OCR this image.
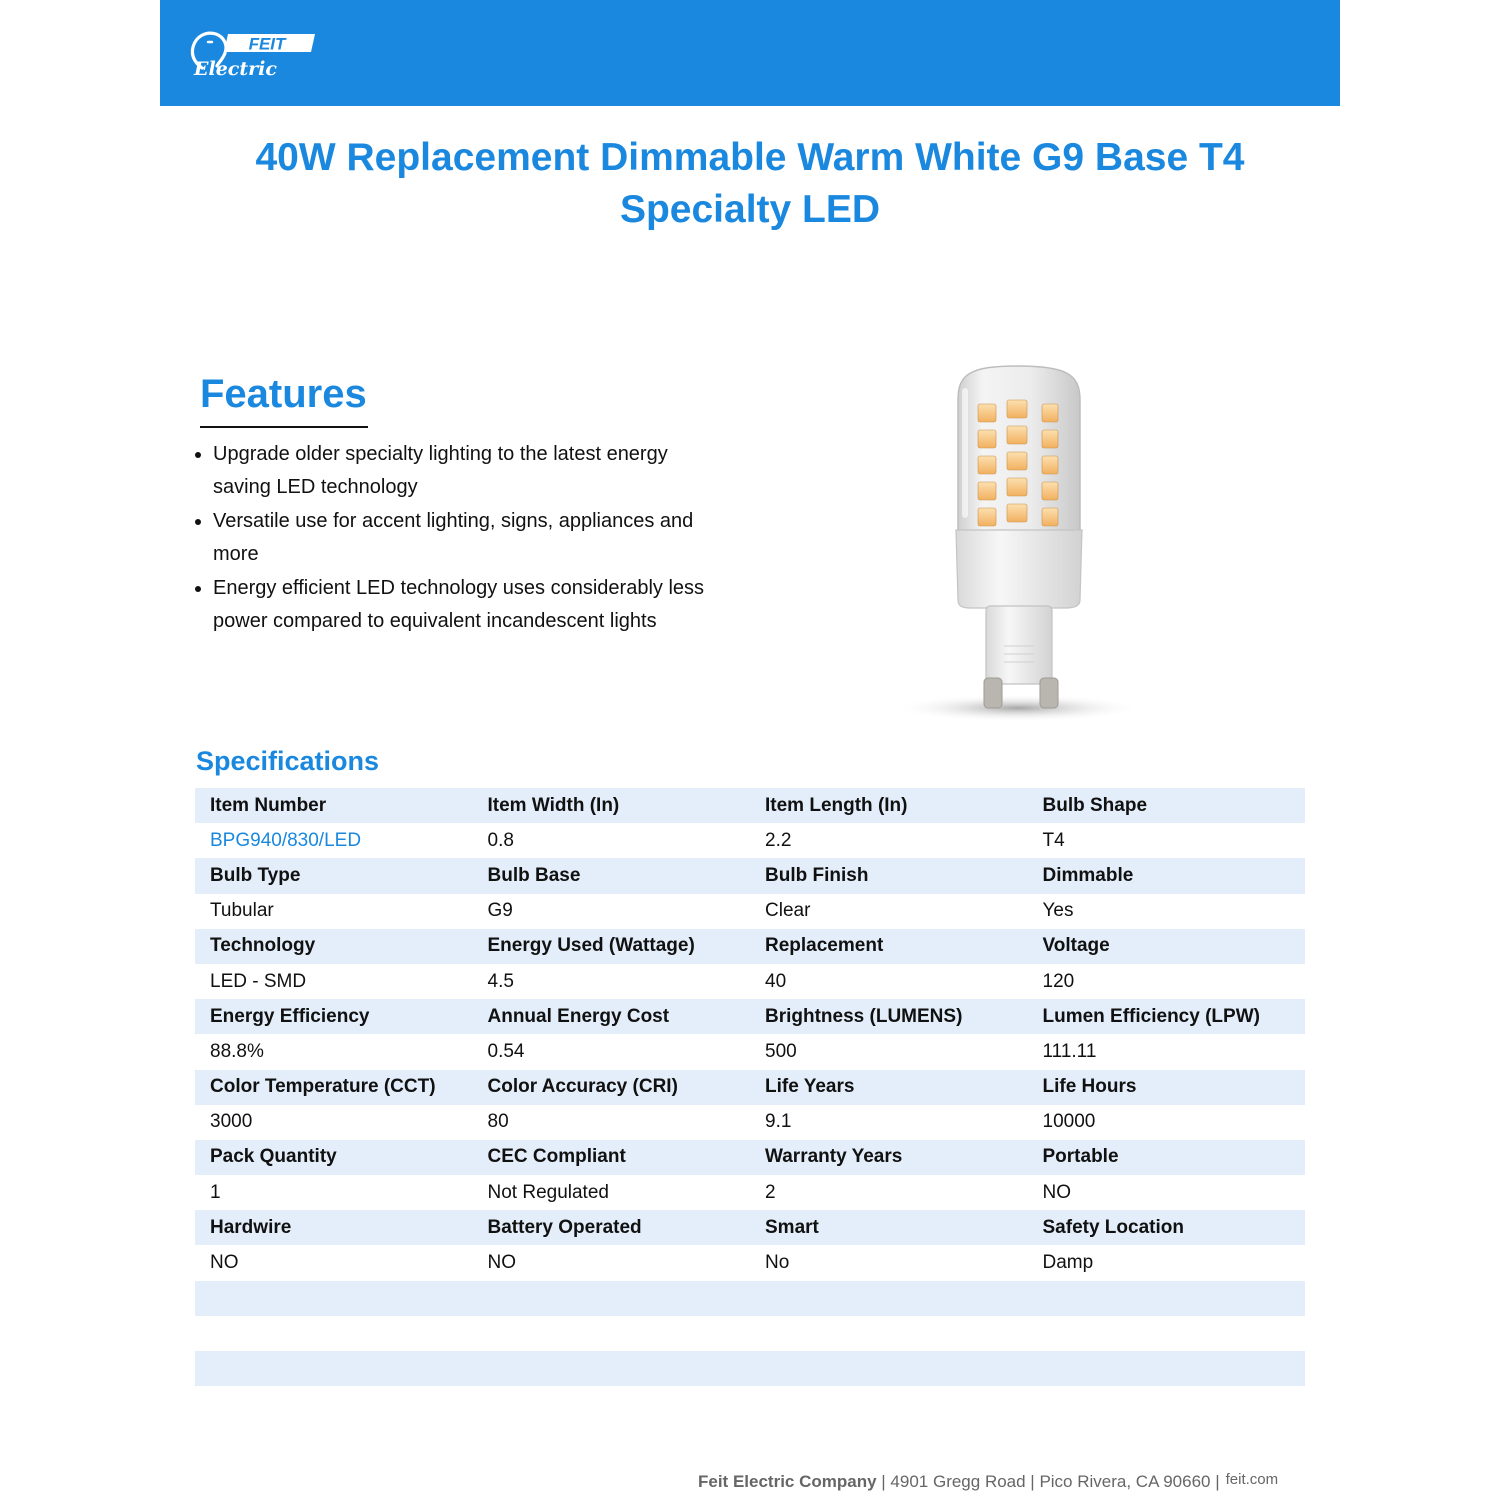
FEIT
Electric
40W Replacement Dimmable Warm White G9 Base T4
Specialty LED
Features
Upgrade older specialty lighting to the latest energy saving LED technology
Versatile use for accent lighting, signs, appliances and more
Energy efficient LED technology uses considerably less power compared to equivalent incandescent lights
Specifications
Item Number	Item Width (In)	Item Length (In)	Bulb Shape
BPG940/830/LED	0.8	2.2	T4
Bulb Type	Bulb Base	Bulb Finish	Dimmable
Tubular	G9	Clear	Yes
Technology	Energy Used (Wattage)	Replacement	Voltage
LED - SMD	4.5	40	120
Energy Efficiency	Annual Energy Cost	Brightness (LUMENS)	Lumen Efficiency (LPW)
88.8%	0.54	500	111.11
Color Temperature (CCT)	Color Accuracy (CRI)	Life Years	Life Hours
3000	80	9.1	10000
Pack Quantity	CEC Compliant	Warranty Years	Portable
1	Not Regulated	2	NO
Hardwire	Battery Operated	Smart	Safety Location
NO	NO	No	Damp

Feit Electric Company | 4901 Gregg Road | Pico Rivera, CA 90660 | feit.com
